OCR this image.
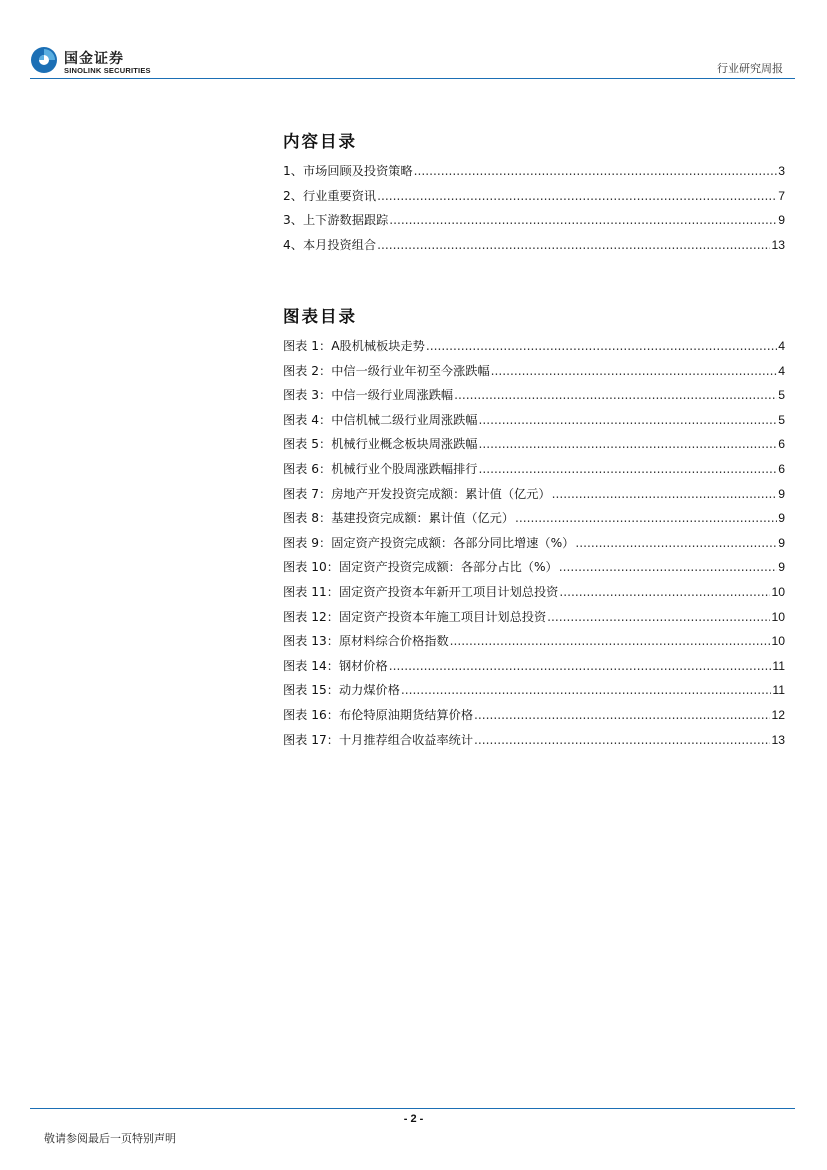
国金证券
SINOLINK SECURITIES	行业研究周报
内容目录
1、市场回顾及投资策略 .....	3
2、行业重要资讯 .....	7
3、上下游数据跟踪 .....	9
4、本月投资组合 .....	13
图表目录
图表 1：A股机械板块走势 .....	4
图表 2：中信一级行业年初至今涨跌幅 .....	4
图表 3：中信一级行业周涨跌幅 .....	5
图表 4：中信机械二级行业周涨跌幅 .....	5
图表 5：机械行业概念板块周涨跌幅 .....	6
图表 6：机械行业个股周涨跌幅排行 .....	6
图表 7：房地产开发投资完成额：累计值（亿元） .....	9
图表 8：基建投资完成额：累计值（亿元） .....	9
图表 9：固定资产投资完成额：各部分同比增速（%） .....	9
图表 10：固定资产投资完成额：各部分占比（%） .....	9
图表 11：固定资产投资本年新开工项目计划总投资 .....	10
图表 12：固定资产投资本年施工项目计划总投资 .....	10
图表 13：原材料综合价格指数 .....	10
图表 14：钢材价格 .....	11
图表 15：动力煤价格 .....	11
图表 16：布伦特原油期货结算价格 .....	12
图表 17：十月推荐组合收益率统计 .....	13
- 2 -
敬请参阅最后一页特别声明
